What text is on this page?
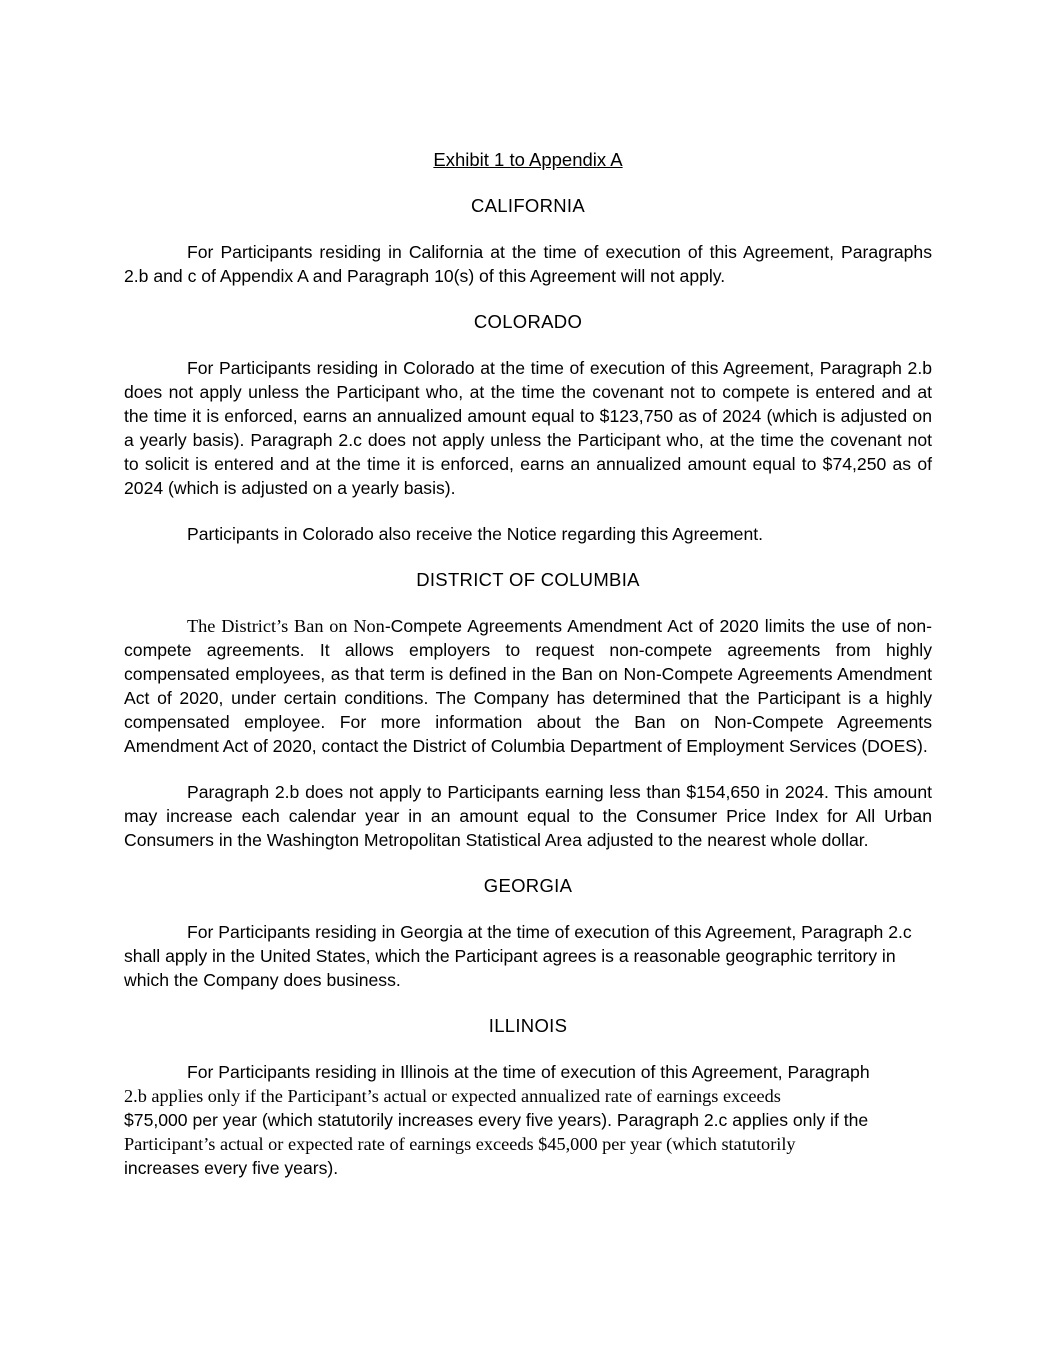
Exhibit 1 to Appendix A

CALIFORNIA

For Participants residing in California at the time of execution of this Agreement, Paragraphs 2.b and c of Appendix A and Paragraph 10(s) of this Agreement will not apply.

COLORADO

For Participants residing in Colorado at the time of execution of this Agreement, Paragraph 2.b does not apply unless the Participant who, at the time the covenant not to compete is entered and at the time it is enforced, earns an annualized amount equal to $123,750 as of 2024 (which is adjusted on a yearly basis). Paragraph 2.c does not apply unless the Participant who, at the time the covenant not to solicit is entered and at the time it is enforced, earns an annualized amount equal to $74,250 as of 2024 (which is adjusted on a yearly basis).

Participants in Colorado also receive the Notice regarding this Agreement.

DISTRICT OF COLUMBIA

The District’s Ban on Non-Compete Agreements Amendment Act of 2020 limits the use of non-compete agreements. It allows employers to request non-compete agreements from highly compensated employees, as that term is defined in the Ban on Non-Compete Agreements Amendment Act of 2020, under certain conditions. The Company has determined that the Participant is a highly compensated employee. For more information about the Ban on Non-Compete Agreements Amendment Act of 2020, contact the District of Columbia Department of Employment Services (DOES).

Paragraph 2.b does not apply to Participants earning less than $154,650 in 2024. This amount may increase each calendar year in an amount equal to the Consumer Price Index for All Urban Consumers in the Washington Metropolitan Statistical Area adjusted to the nearest whole dollar.

GEORGIA

For Participants residing in Georgia at the time of execution of this Agreement, Paragraph 2.c shall apply in the United States, which the Participant agrees is a reasonable geographic territory in which the Company does business.

ILLINOIS

For Participants residing in Illinois at the time of execution of this Agreement, Paragraph
2.b applies only if the Participant’s actual or expected annualized rate of earnings exceeds
$75,000 per year (which statutorily increases every five years). Paragraph 2.c applies only if the
Participant’s actual or expected rate of earnings exceeds $45,000 per year (which statutorily
increases every five years).
